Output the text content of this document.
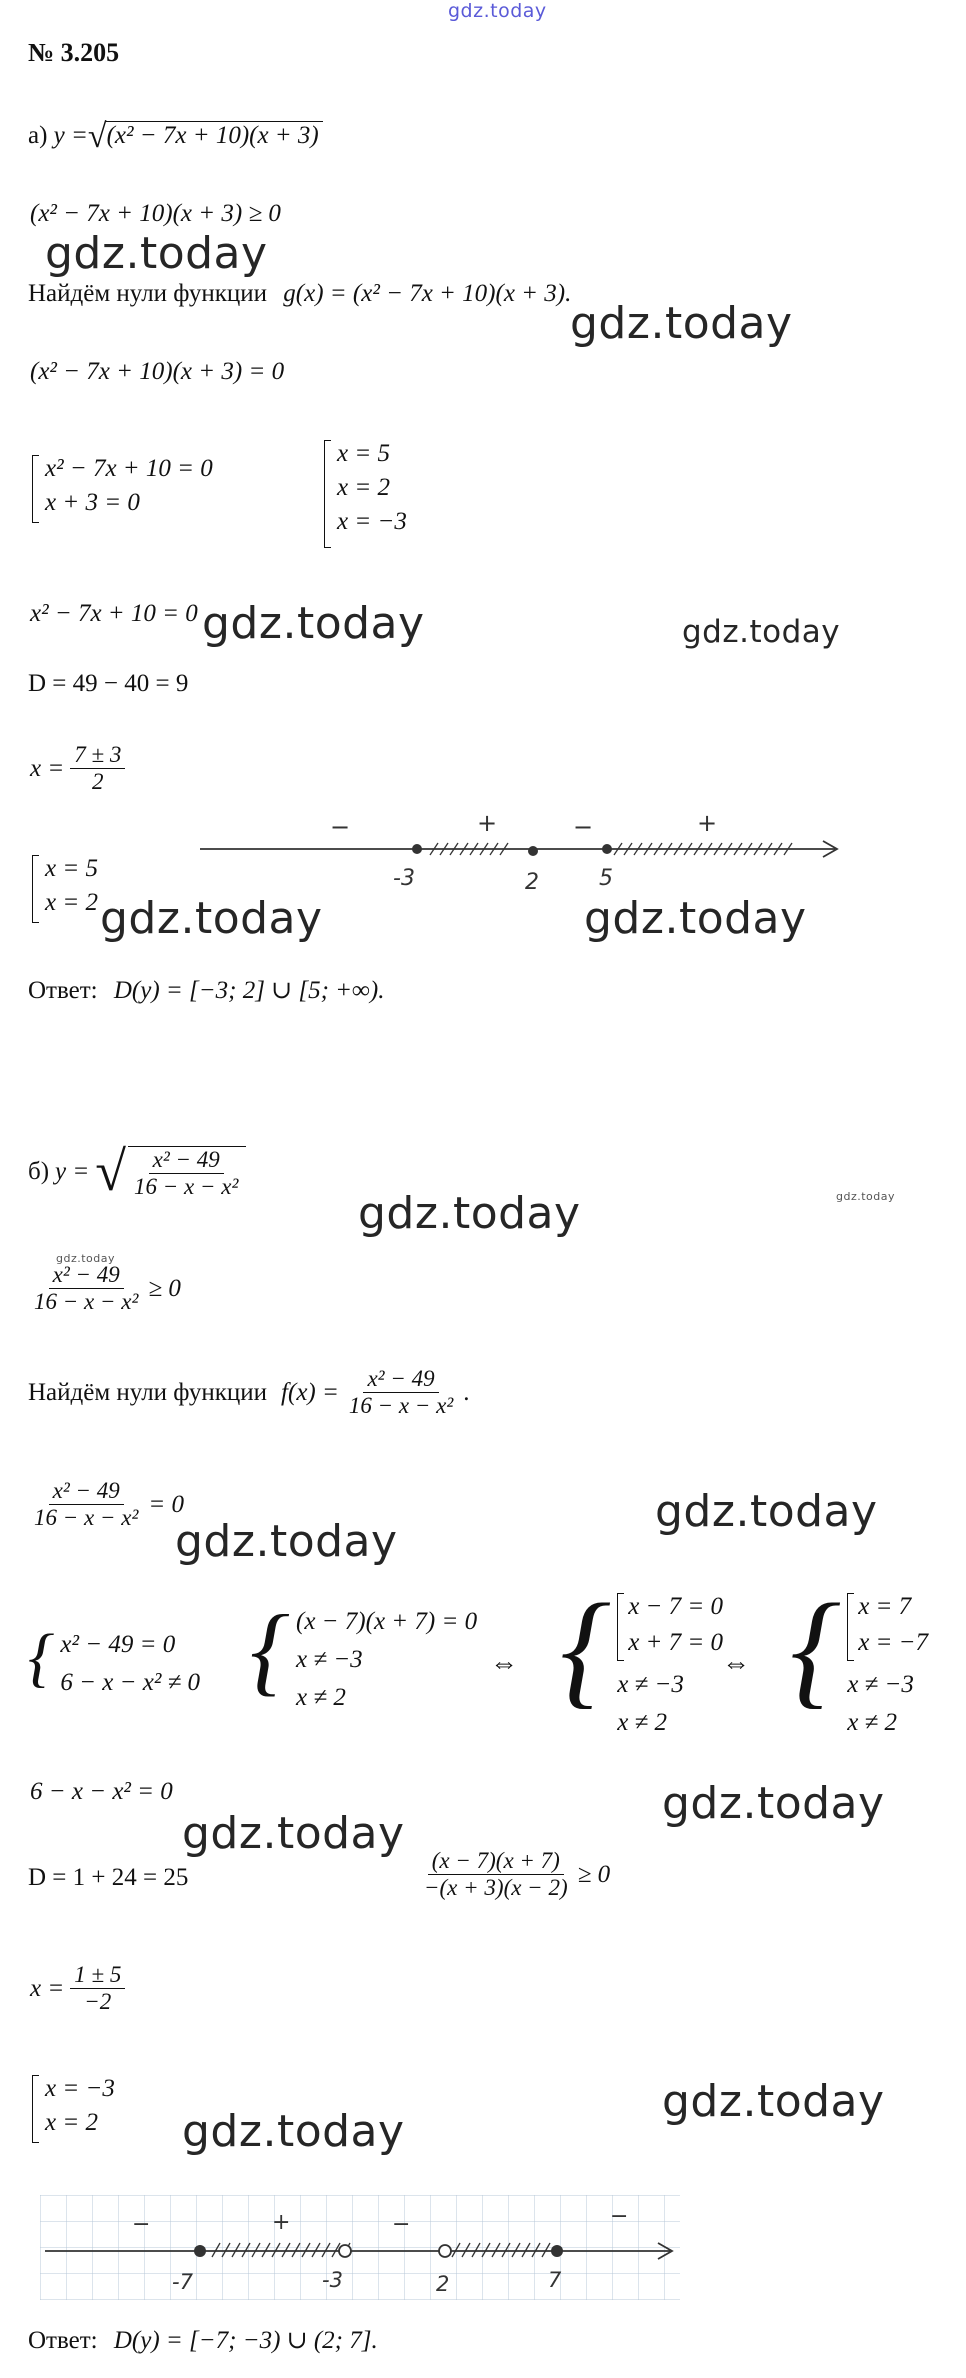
gdz.today
№ 3.205
а) y =√(x² − 7x + 10)(x + 3)
(x² − 7x + 10)(x + 3) ≥ 0
gdz.today
Найдём нули функции g(x) = (x² − 7x + 10)(x + 3).
gdz.today
(x² − 7x + 10)(x + 3) = 0
x² − 7x + 10 = 0
x + 3 = 0
x = 5
x = 2
x = −3
x² − 7x + 10 = 0 gdz.today	gdz.today
D = 49 − 40 = 9
$x = \frac{7 \pm 3}{2}$
−	+	−	+
-3	2	5
x = 5
x = 2 gdz.today	gdz.today
Ответ: D(y) = [−3; 2] ∪ [5; +∞).
б) y = √ $\frac{\text{x² − 49}}{\text{16 − x − x²}}$	gdz.today
gdz.today
gdz.today
$\frac{\text{x² − 49}}{\text{16 − x − x²}} \ge 0$
Найдём нули функции $f(x) = \frac{\text{x² − 49}}{\text{16 − x − x²}}$ .
$\frac{\text{x² − 49}}{\text{16 − x − x²}} = 0$	gdz.today
gdz.today
{ x² − 49 = 0
6 − x − x² ≠ 0 { (x − 7)(x + 7) = 0
x ≠ −3
x ≠ 2
⇔ { x − 7 = 0
x + 7 = 0
x ≠ −3
x ≠ 2
⇔ { x = 7
x = −7
x ≠ −3
x ≠ 2
6 − x − x² = 0	gdz.today
gdz.today
D = 1 + 24 = 25	$\frac{(x - 7)(x + 7)}{-(x + 3)(x - 2)} \ge 0$
$x = \frac{1 \pm 5}{-2}$
x = −3
x = 2	gdz.today
gdz.today
−	+	−	−
-7	-3	2	7
Ответ: D(y) = [−7; −3) ∪ (2; 7].
